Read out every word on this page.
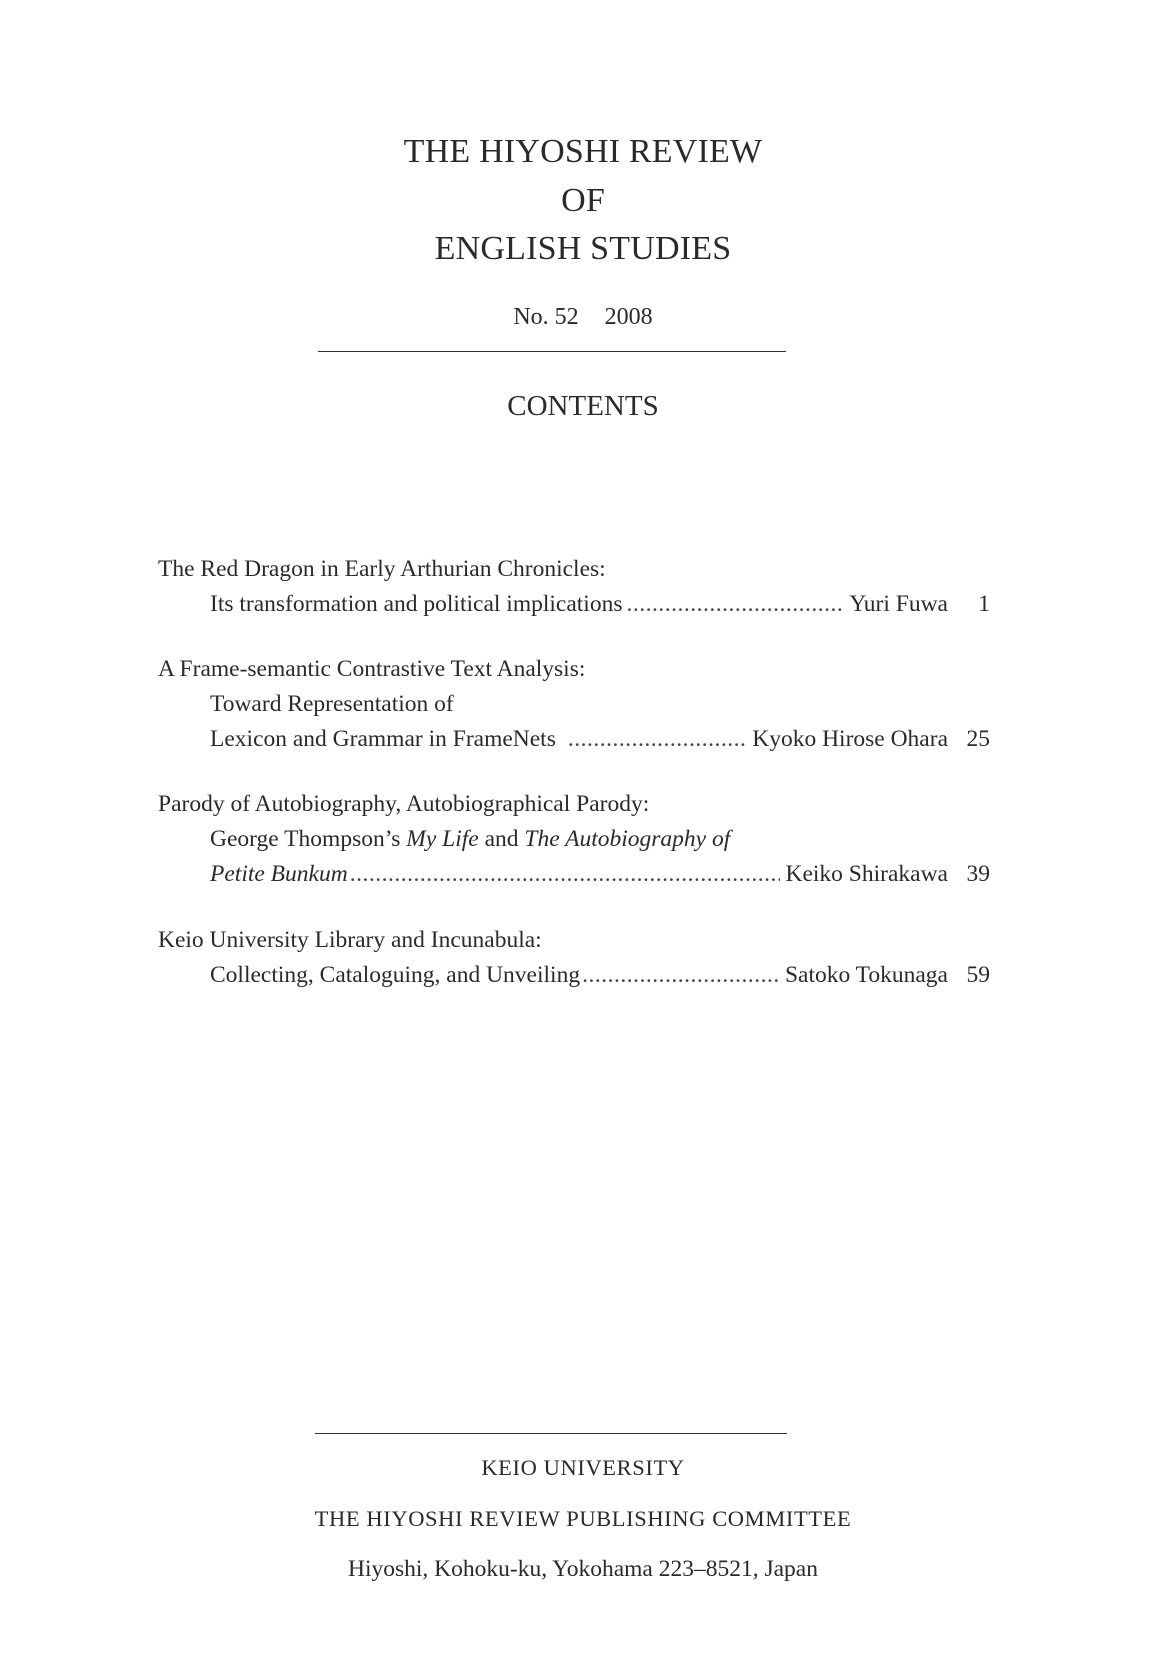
THE HIYOSHI REVIEW
OF
ENGLISH STUDIES
No. 52 2008
CONTENTS
The Red Dragon in Early Arthurian Chronicles:
Its transformation and political implications .....	Yuri Fuwa 1
A Frame-semantic Contrastive Text Analysis:
Toward Representation of
Lexicon and Grammar in FrameNets .....	Kyoko Hirose Ohara 25
Parody of Autobiography, Autobiographical Parody:
George Thompson’s My Life and The Autobiography of
Petite Bunkum .....	Keiko Shirakawa 39
Keio University Library and Incunabula:
Collecting, Cataloguing, and Unveiling .....	Satoko Tokunaga 59
KEIO UNIVERSITY
THE HIYOSHI REVIEW PUBLISHING COMMITTEE
Hiyoshi, Kohoku-ku, Yokohama 223–8521, Japan
